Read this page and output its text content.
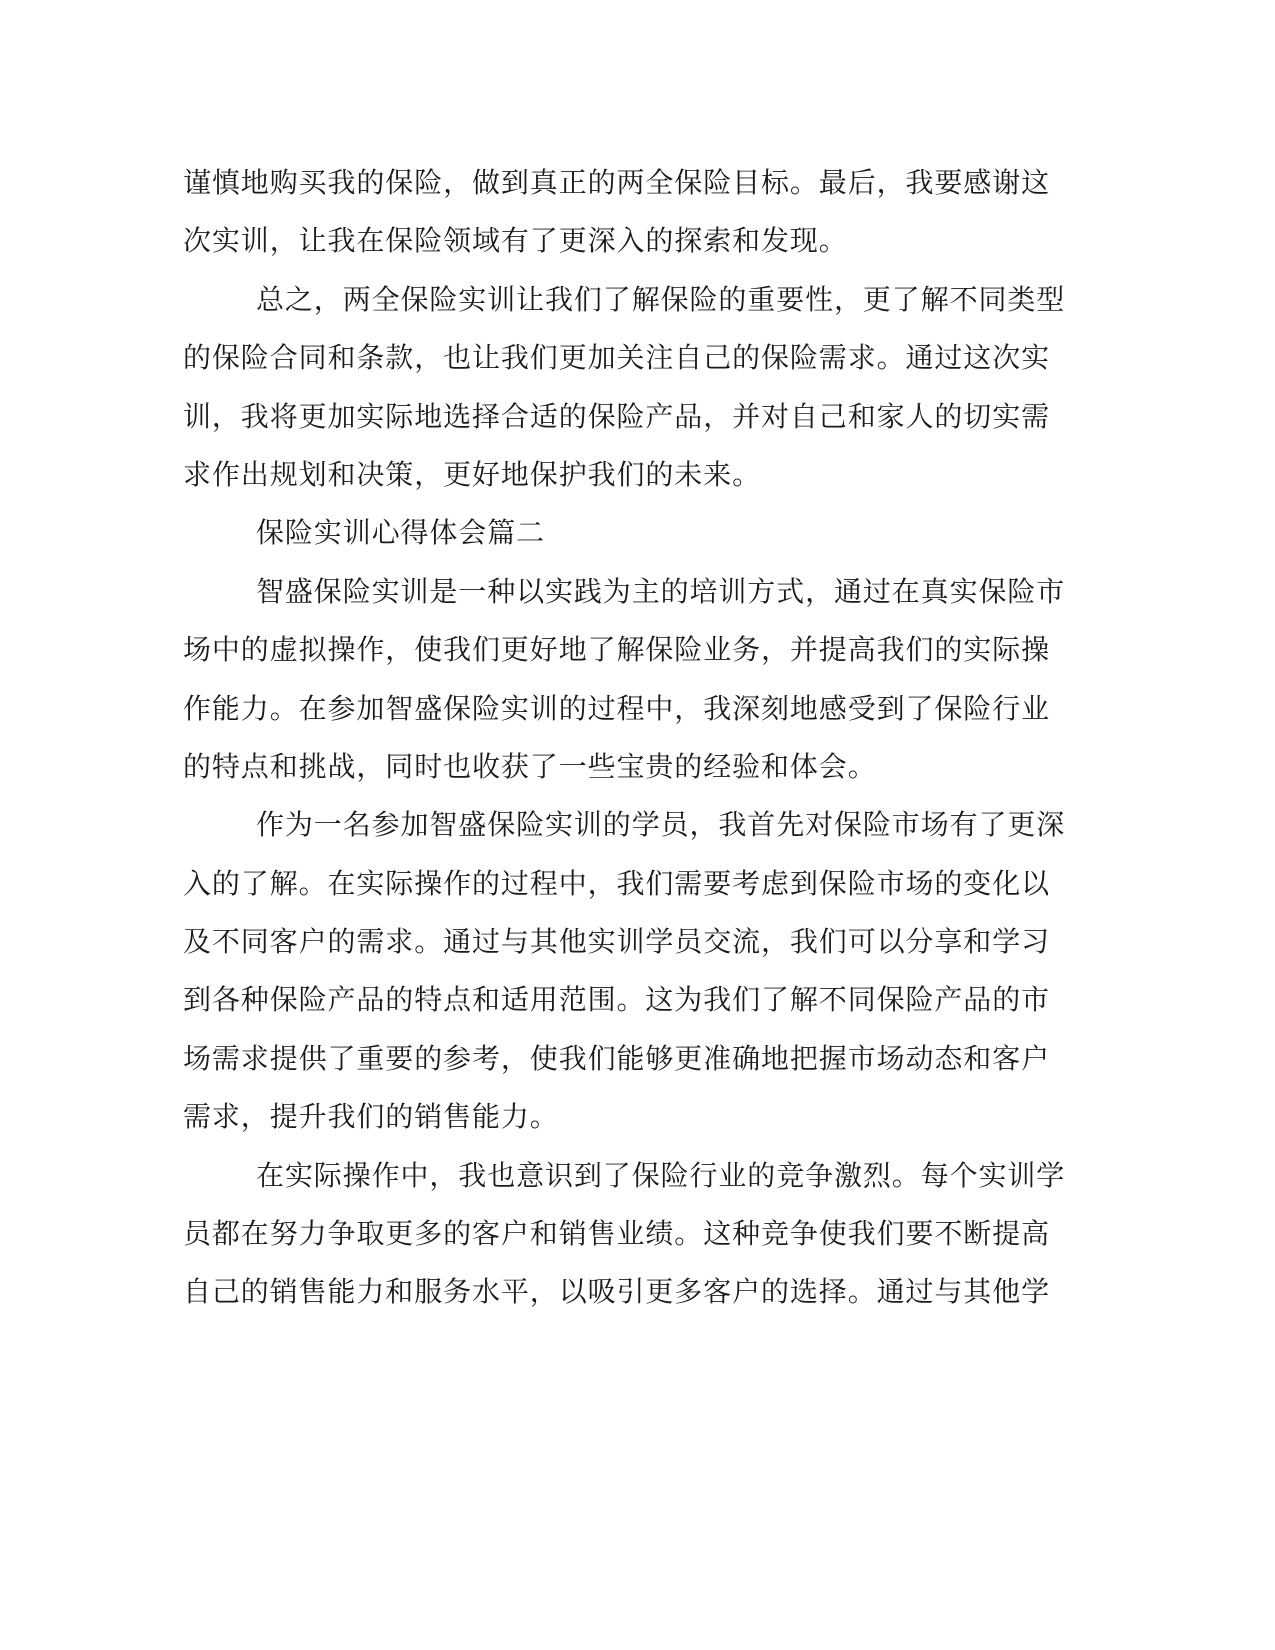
谨慎地购买我的保险，做到真正的两全保险目标。最后，我要感谢这
次实训，让我在保险领域有了更深入的探索和发现。
总之，两全保险实训让我们了解保险的重要性，更了解不同类型
的保险合同和条款，也让我们更加关注自己的保险需求。通过这次实
训，我将更加实际地选择合适的保险产品，并对自己和家人的切实需
求作出规划和决策，更好地保护我们的未来。
保险实训心得体会篇二
智盛保险实训是一种以实践为主的培训方式，通过在真实保险市
场中的虚拟操作，使我们更好地了解保险业务，并提高我们的实际操
作能力。在参加智盛保险实训的过程中，我深刻地感受到了保险行业
的特点和挑战，同时也收获了一些宝贵的经验和体会。
作为一名参加智盛保险实训的学员，我首先对保险市场有了更深
入的了解。在实际操作的过程中，我们需要考虑到保险市场的变化以
及不同客户的需求。通过与其他实训学员交流，我们可以分享和学习
到各种保险产品的特点和适用范围。这为我们了解不同保险产品的市
场需求提供了重要的参考，使我们能够更准确地把握市场动态和客户
需求，提升我们的销售能力。
在实际操作中，我也意识到了保险行业的竞争激烈。每个实训学
员都在努力争取更多的客户和销售业绩。这种竞争使我们要不断提高
自己的销售能力和服务水平，以吸引更多客户的选择。通过与其他学
